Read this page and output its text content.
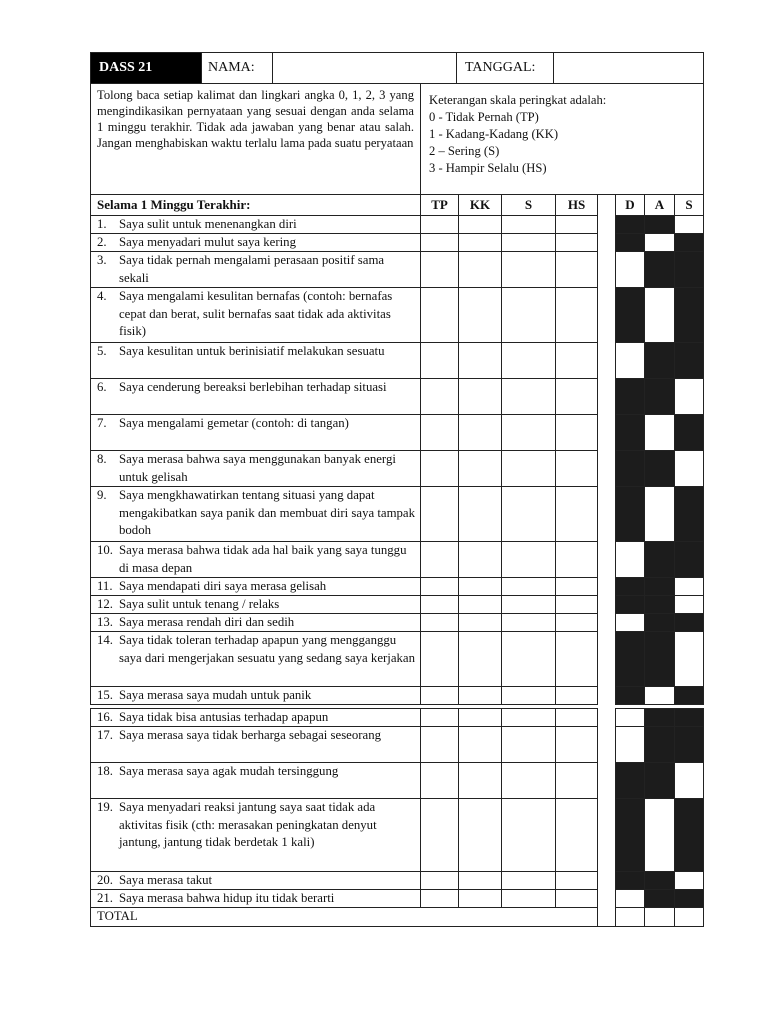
DASS 21	NAMA:	TANGGAL:
Tolong baca setiap kalimat dan lingkari angka 0, 1, 2, 3 yang mengindikasikan pernyataan yang sesuai dengan anda selama 1 minggu terakhir. Tidak ada jawaban yang benar atau salah. Jangan menghabiskan waktu terlalu lama pada suatu peryataan
Keterangan skala peringkat adalah:
0 - Tidak Pernah (TP)
1 - Kadang-Kadang (KK)
2 – Sering (S)
3 - Hampir Selalu (HS)
Selama 1 Minggu Terakhir:	TP	KK	S	HS	D	A	S
1. Saya sulit untuk menenangkan diri
2. Saya menyadari mulut saya kering
3. Saya tidak pernah mengalami perasaan positif sama sekali
4. Saya mengalami kesulitan bernafas (contoh: bernafas cepat dan berat, sulit bernafas saat tidak ada aktivitas fisik)
5. Saya kesulitan untuk berinisiatif melakukan sesuatu
6. Saya cenderung bereaksi berlebihan terhadap situasi
7. Saya mengalami gemetar (contoh: di tangan)
8. Saya merasa bahwa saya menggunakan banyak energi untuk gelisah
9. Saya mengkhawatirkan tentang situasi yang dapat mengakibatkan saya panik dan membuat diri saya tampak bodoh
10. Saya merasa bahwa tidak ada hal baik yang saya tunggu di masa depan
11. Saya mendapati diri saya merasa gelisah
12. Saya sulit untuk tenang / relaks
13. Saya merasa rendah diri dan sedih
14. Saya tidak toleran terhadap apapun yang mengganggu saya dari mengerjakan sesuatu yang sedang saya kerjakan
15. Saya merasa saya mudah untuk panik
16. Saya tidak bisa antusias terhadap apapun
17. Saya merasa saya tidak berharga sebagai seseorang
18. Saya merasa saya agak mudah tersinggung
19. Saya menyadari reaksi jantung saya saat tidak ada aktivitas fisik (cth: merasakan peningkatan denyut jantung, jantung tidak berdetak 1 kali)
20. Saya merasa takut
21. Saya merasa bahwa hidup itu tidak berarti
TOTAL
